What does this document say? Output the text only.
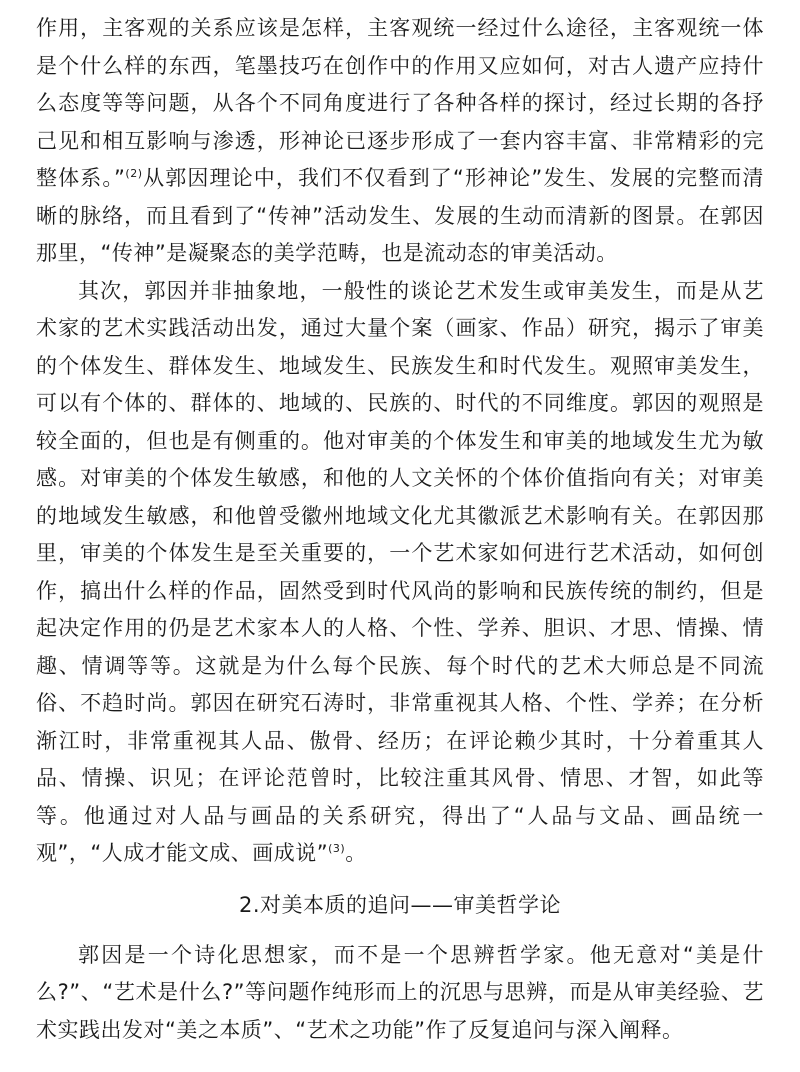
作用，主客观的关系应该是怎样，主客观统一经过什么途径，主客观统一体是个什么样的东西，笔墨技巧在创作中的作用又应如何，对古人遗产应持什么态度等等问题，从各个不同角度进行了各种各样的探讨，经过长期的各抒己见和相互影响与渗透，形神论已逐步形成了一套内容丰富、非常精彩的完整体系。”$^{(2)}$从郭因理论中，我们不仅看到了“形神论”发生、发展的完整而清晰的脉络，而且看到了“传神”活动发生、发展的生动而清新的图景。在郭因那里，“传神”是凝聚态的美学范畴，也是流动态的审美活动。

其次，郭因并非抽象地，一般性的谈论艺术发生或审美发生，而是从艺术家的艺术实践活动出发，通过大量个案（画家、作品）研究，揭示了审美的个体发生、群体发生、地域发生、民族发生和时代发生。观照审美发生，可以有个体的、群体的、地域的、民族的、时代的不同维度。郭因的观照是较全面的，但也是有侧重的。他对审美的个体发生和审美的地域发生尤为敏感。对审美的个体发生敏感，和他的人文关怀的个体价值指向有关；对审美的地域发生敏感，和他曾受徽州地域文化尤其徽派艺术影响有关。在郭因那里，审美的个体发生是至关重要的，一个艺术家如何进行艺术活动，如何创作，搞出什么样的作品，固然受到时代风尚的影响和民族传统的制约，但是起决定作用的仍是艺术家本人的人格、个性、学养、胆识、才思、情操、情趣、情调等等。这就是为什么每个民族、每个时代的艺术大师总是不同流俗、不趋时尚。郭因在研究石涛时，非常重视其人格、个性、学养；在分析渐江时，非常重视其人品、傲骨、经历；在评论赖少其时，十分着重其人品、情操、识见；在评论范曾时，比较注重其风骨、情思、才智，如此等等。他通过对人品与画品的关系研究，得出了“人品与文品、画品统一观”，“人成才能文成、画成说”$^{(3)}$。

2.对美本质的追问——审美哲学论

郭因是一个诗化思想家，而不是一个思辨哲学家。他无意对“美是什么?”、“艺术是什么?”等问题作纯形而上的沉思与思辨，而是从审美经验、艺术实践出发对“美之本质”、“艺术之功能”作了反复追问与深入阐释。
